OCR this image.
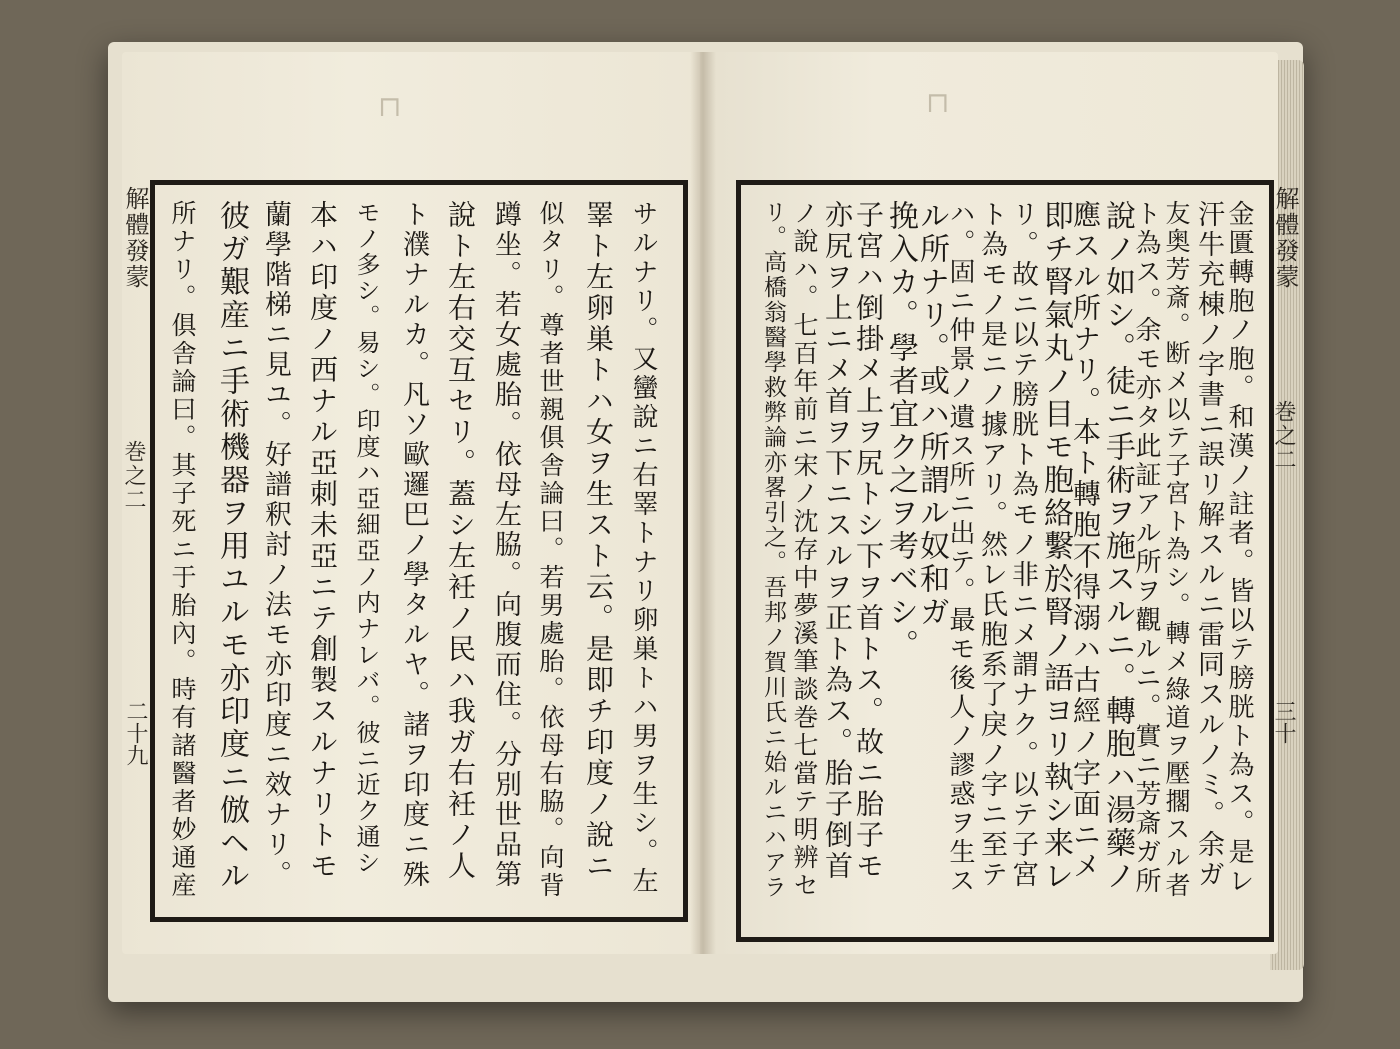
⊓	⊓
解體發蒙
巻之二
二十九
解體發蒙
巻之二
三十
サルナリ。又蠻說ニ右睪トナリ卵巣トハ男ヲ生シ。左
睪ト左卵巣トハ女ヲ生スト云。是即チ印度ノ說ニ
似タリ。尊者世親俱舎論曰。若男處胎。依母右脇。向背
蹲坐。若女處胎。依母左脇。向腹而住。分別世品第
說ト左右交互セリ。蓋シ左衽ノ民ハ我ガ右衽ノ人
ト濮ナルカ。凡ソ歐邏巴ノ學タルヤ。諸ヲ印度ニ殊
モノ多シ。易シ。印度ハ亞細亞ノ内ナレバ。彼ニ近ク通シ
本ハ印度ノ西ナル亞刺未亞ニテ創製スルナリトモ
蘭學階梯ニ見ユ。好譜釈討ノ法モ亦印度ニ效ナリ。
彼ガ艱産ニ手術機器ヲ用ユルモ亦印度ニ倣ヘル
所ナリ。俱舎論曰。其子死ニ于胎內。時有諸醫者妙通産	金匱轉胞ノ胞。和漢ノ註者。皆以テ膀胱ト為ス。是レ
汗牛充棟ノ字書ニ誤リ解スルニ雷同スルノミ。余ガ
友奥芳斎。断メ以テ子宮ト為シ。轉メ綠道ヲ壓擱スル者
ト為ス。余モ亦タ此証アル所ヲ觀ルニ。實ニ芳斎ガ所
說ノ如シ。徒ニ手術ヲ施スルニ。轉胞ハ湯藥ノ
應スル所ナリ。本ト轉胞不得溺ハ古經ノ字面ニメ
即チ腎氣丸ノ目モ胞絡繫於腎ノ語ヨリ執シ来レ
リ。故ニ以テ膀胱ト為モノ非ニメ謂ナク。以テ子宮
ト為モノ是ニノ據アリ。然レ氏胞系了戾ノ字ニ至テ
ハ。固ニ仲景ノ遺ス所ニ出テ。最モ後人ノ謬惑ヲ生ス
ル所ナリ。或ハ所謂ル奴和ガ
挽入カ。學者宜ク之ヲ考ベシ。
子宮ハ倒掛メ上ヲ尻トシ下ヲ首トス。故ニ胎子モ
亦尻ヲ上ニメ首ヲ下ニスルヲ正ト為ス。胎子倒首
ノ說ハ。七百年前ニ宋ノ沈存中夢溪筆談巻七當テ明辨セ
リ。高橋翁醫學救弊論亦畧引之。吾邦ノ賀川氏ニ始ルニハアラ
